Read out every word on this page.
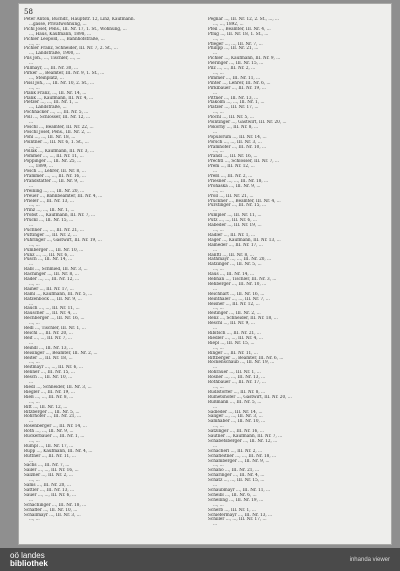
58
Peter Anton, Buchdr., Hauptstr. 12, Linz, Kaufmann.
...gasse, Privatwohnung, ...
Pichl Josef, Pens., III. Nr. 17, 1. St., Wohnung, ...
..., Haus, Kaufmann, 1898, ...
Pichler Leopold, ..., Bahnhofstraße, ...
..., ...
Pichler Franz, Schneider, III. Nr. 7, 2. St., ...
..., Landstraße, 1900, ...
Pils Joh., ..., Tischler, ..., ...
...
Pillmayr, ..., III. Nr. 30, ...
Pirker ..., Beamter, III. Nr. 9, 1. St., ...
..., Steinplatz, ...
Pissl Joh., ..., III. Nr. 10, 2. St., ...
..., ...
Plank Franz, ..., III. Nr. 14, ...
Plank ..., Kaufmann, III. Nr. 4, ...
Pletzer ..., ..., III. Nr. 1, ...
..., Landstraße, ...
Pöchhacker ..., ..., III. Nr. 5, ...
Pöll ..., Schlosser, III. Nr. 12, ...
...
Pöschl ..., Beamter, III. Nr. 22, ...
Pöschl Josef, Pens., III. Nr. 2, ...
Pohl ..., ..., III. Nr. 18, ...
Pointner ..., III. Nr. 6, 1. St., ...
..., ...
Pollak ..., Kaufmann, III. Nr. 3, ...
Pommer ..., ..., III. Nr. 11, ...
Poppinger ..., III. Nr. 25, ...
..., 1899, ...
Posch ..., Lehrer, III. Nr. 8, ...
Prammer ..., ..., III. Nr. 16, ...
Prandstätter ..., III. Nr. 9, ...
...
Preining ..., ..., III. Nr. 20, ...
Preuer ..., Bahnbeamter, III. Nr. 4, ...
Prieler ..., III. Nr. 13, ...
..., ...
Prinz ..., ..., III. Nr. 1, ...
Probst ..., Kaufmann, III. Nr. 7, ...
Prückl ..., III. Nr. 15, ...
...
Puchner ..., ..., III. Nr. 21, ...
Puttinger ..., III. Nr. 2, ...
Pühringer ..., Gastwirt, III. Nr. 19, ...
..., ...
Pumberger ..., III. Nr. 10, ...
Punz ..., ..., III. Nr. 6, ...
Pusch ..., III. Nr. 14, ...
...
Rabl ..., Schmied, III. Nr. 3, ...
Rachinger ..., III. Nr. 8, ...
Rader ..., ..., III. Nr. 12, ...
..., ...
Rainer ..., III. Nr. 17, ...
Raml ..., Kaufmann, III. Nr. 5, ...
Ratzenböck ..., III. Nr. 9, ...
...
Rauch ..., ..., III. Nr. 11, ...
Rauscher ..., III. Nr. 4, ...
Rechberger ..., III. Nr. 16, ...
..., ...
Redl ..., Tischler, III. Nr. 1, ...
Reichl ..., III. Nr. 20, ...
Reif ..., ..., III. Nr. 7, ...
...
Reindl ..., III. Nr. 13, ...
Reisinger ..., Beamter, III. Nr. 2, ...
Reiter ..., III. Nr. 18, ...
..., ...
Reitmayr ..., ..., III. Nr. 6, ...
Renner ..., III. Nr. 15, ...
Resch ..., III. Nr. 10, ...
...
Riedl ..., Schneider, III. Nr. 3, ...
Riegler ..., III. Nr. 19, ...
Rieß ..., ..., III. Nr. 8, ...
..., ...
Ritt ..., III. Nr. 12, ...
Ritzberger ..., III. Nr. 5, ...
Rohrhofer ..., III. Nr. 21, ...
...
Rosenberger ..., III. Nr. 14, ...
Roth ..., ..., III. Nr. 9, ...
Ruckerbauer ..., III. Nr. 1, ...
..., ...
Rumpl ..., III. Nr. 17, ...
Rupp ..., Kaufmann, III. Nr. 4, ...
Ruttner ..., III. Nr. 11, ...
...
Sachs ..., III. Nr. 7, ...
Sailer ..., ..., III. Nr. 16, ...
Salzner ..., III. Nr. 2, ...
..., ...
Sams ..., III. Nr. 20, ...
Sattler ..., III. Nr. 13, ...
Sauer ..., ..., III. Nr. 6, ...
...
Schachinger ..., III. Nr. 18, ...
Schaffer ..., III. Nr. 10, ...
Schallmayr ..., III. Nr. 3, ...
..., ...
Pegnar ..., III. Nr. 12, 2. St., ..., ...
..., ..., 1892, ...
Pfeil ..., Beamter, III. Nr. 4, ...
Pflug ..., III. Nr. 18, 1. St., ...
..., ...
Pfleger ..., ..., III. Nr. 7, ...
Philipp ..., III. Nr. 21, ...
...
Pichler ..., Kaufmann, III. Nr. 9, ...
Pieringer ..., III. Nr. 15, ...
Pilz ..., ..., III. Nr. 2, ...
..., ...
Pimmer ..., III. Nr. 11, ...
Pinter ..., Lehrer, III. Nr. 6, ...
Pirklbauer ..., III. Nr. 19, ...
...
Pittner ..., III. Nr. 13, ...
Plakolm ..., ..., III. Nr. 1, ...
Platzer ..., III. Nr. 17, ...
..., ...
Plöchl ..., III. Nr. 5, ...
Pointinger ..., Gastwirt, III. Nr. 20, ...
Pokorny ..., III. Nr. 8, ...
...
Populorum ..., III. Nr. 14, ...
Porsch ..., ..., III. Nr. 3, ...
Pramhofer ..., III. Nr. 10, ...
..., ...
Prandl ..., III. Nr. 16, ...
Prechtl ..., Schlosser, III. Nr. 7, ...
Prem ..., III. Nr. 12, ...
...
Preßl ..., III. Nr. 2, ...
Priesner ..., ..., III. Nr. 18, ...
Prohaska ..., III. Nr. 9, ...
..., ...
Pröll ..., III. Nr. 21, ...
Pruckner ..., Beamter, III. Nr. 4, ...
Pürstinger ..., III. Nr. 15, ...
...
Pumpler ..., III. Nr. 11, ...
Putz ..., ..., III. Nr. 6, ...
Rabeder ..., III. Nr. 19, ...
..., ...
Radler ..., III. Nr. 1, ...
Rager ..., Kaufmann, III. Nr. 13, ...
Rameder ..., III. Nr. 17, ...
...
Ranftl ..., III. Nr. 8, ...
Rathmayr ..., ..., III. Nr. 20, ...
Ratzinger ..., III. Nr. 5, ...
..., ...
Raus ..., III. Nr. 14, ...
Rebhan ..., Tischler, III. Nr. 3, ...
Rehberger ..., III. Nr. 10, ...
...
Reichhart ..., III. Nr. 16, ...
Reinthaler ..., ..., III. Nr. 7, ...
Reisner ..., III. Nr. 12, ...
..., ...
Reitinger ..., III. Nr. 2, ...
Renz ..., Schneider, III. Nr. 18, ...
Reschl ..., III. Nr. 9, ...
...
Ribitsch ..., III. Nr. 21, ...
Riedler ..., ..., III. Nr. 4, ...
Riepl ..., III. Nr. 15, ...
..., ...
Ringer ..., III. Nr. 11, ...
Rittberger ..., Beamter, III. Nr. 6, ...
Rockenschaub ..., III. Nr. 19, ...
...
Rohrauer ..., III. Nr. 1, ...
Rosner ..., ..., III. Nr. 13, ...
Rothbauer ..., III. Nr. 17, ...
..., ...
Rudlstorfer ..., III. Nr. 8, ...
Rumetshofer ..., Gastwirt, III. Nr. 20, ...
Rußmann ..., III. Nr. 5, ...
...
Sadleder ..., III. Nr. 14, ...
Saliger ..., ..., III. Nr. 3, ...
Samhaber ..., III. Nr. 10, ...
..., ...
Satzinger ..., III. Nr. 16, ...
Sautner ..., Kaufmann, III. Nr. 7, ...
Schabetsberger ..., III. Nr. 12, ...
...
Schacherl ..., III. Nr. 2, ...
Schafleitner ..., ..., III. Nr. 18, ...
Schamberger ..., III. Nr. 9, ...
..., ...
Schano ..., III. Nr. 21, ...
Scharinger ..., III. Nr. 4, ...
Schatz ..., ..., III. Nr. 15, ...
...
Schaubmayr ..., III. Nr. 11, ...
Scheibl ..., III. Nr. 6, ...
Schelling ..., III. Nr. 19, ...
..., ...
Scherb ..., III. Nr. 1, ...
Schiefermayr ..., III. Nr. 13, ...
Schiller ..., ..., III. Nr. 17, ...
...
oö landes
bibliothek	inhanda viewer
